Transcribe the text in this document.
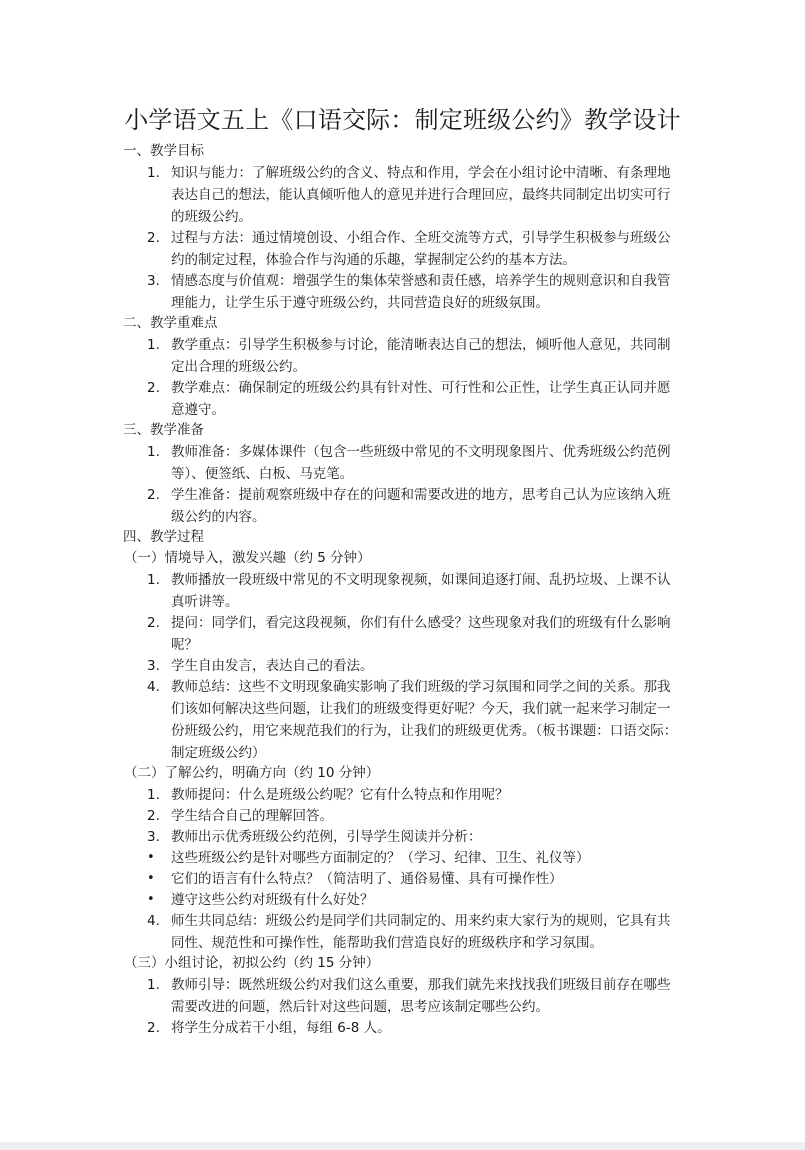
小学语文五上《口语交际：制定班级公约》教学设计
一、教学目标
1. 知识与能力：了解班级公约的含义、特点和作用，学会在小组讨论中清晰、有条理地表达自己的想法，能认真倾听他人的意见并进行合理回应，最终共同制定出切实可行的班级公约。
2. 过程与方法：通过情境创设、小组合作、全班交流等方式，引导学生积极参与班级公约的制定过程，体验合作与沟通的乐趣，掌握制定公约的基本方法。
3. 情感态度与价值观：增强学生的集体荣誉感和责任感，培养学生的规则意识和自我管理能力，让学生乐于遵守班级公约，共同营造良好的班级氛围。
二、教学重难点
1. 教学重点：引导学生积极参与讨论，能清晰表达自己的想法，倾听他人意见，共同制定出合理的班级公约。
2. 教学难点：确保制定的班级公约具有针对性、可行性和公正性，让学生真正认同并愿意遵守。
三、教学准备
1. 教师准备：多媒体课件（包含一些班级中常见的不文明现象图片、优秀班级公约范例等）、便签纸、白板、马克笔。
2. 学生准备：提前观察班级中存在的问题和需要改进的地方，思考自己认为应该纳入班级公约的内容。
四、教学过程
（一）情境导入，激发兴趣（约 5 分钟）
1. 教师播放一段班级中常见的不文明现象视频，如课间追逐打闹、乱扔垃圾、上课不认真听讲等。
2. 提问：同学们，看完这段视频，你们有什么感受？这些现象对我们的班级有什么影响呢？
3. 学生自由发言，表达自己的看法。
4. 教师总结：这些不文明现象确实影响了我们班级的学习氛围和同学之间的关系。那我们该如何解决这些问题，让我们的班级变得更好呢？今天，我们就一起来学习制定一份班级公约，用它来规范我们的行为，让我们的班级更优秀。（板书课题：口语交际：制定班级公约）
（二）了解公约，明确方向（约 10 分钟）
1. 教师提问：什么是班级公约呢？它有什么特点和作用呢？
2. 学生结合自己的理解回答。
3. 教师出示优秀班级公约范例，引导学生阅读并分析：
• 这些班级公约是针对哪些方面制定的？（学习、纪律、卫生、礼仪等）
• 它们的语言有什么特点？（简洁明了、通俗易懂、具有可操作性）
• 遵守这些公约对班级有什么好处？
4. 师生共同总结：班级公约是同学们共同制定的、用来约束大家行为的规则，它具有共同性、规范性和可操作性，能帮助我们营造良好的班级秩序和学习氛围。
（三）小组讨论，初拟公约（约 15 分钟）
1. 教师引导：既然班级公约对我们这么重要，那我们就先来找找我们班级目前存在哪些需要改进的问题，然后针对这些问题，思考应该制定哪些公约。
2. 将学生分成若干小组，每组 6-8 人。
